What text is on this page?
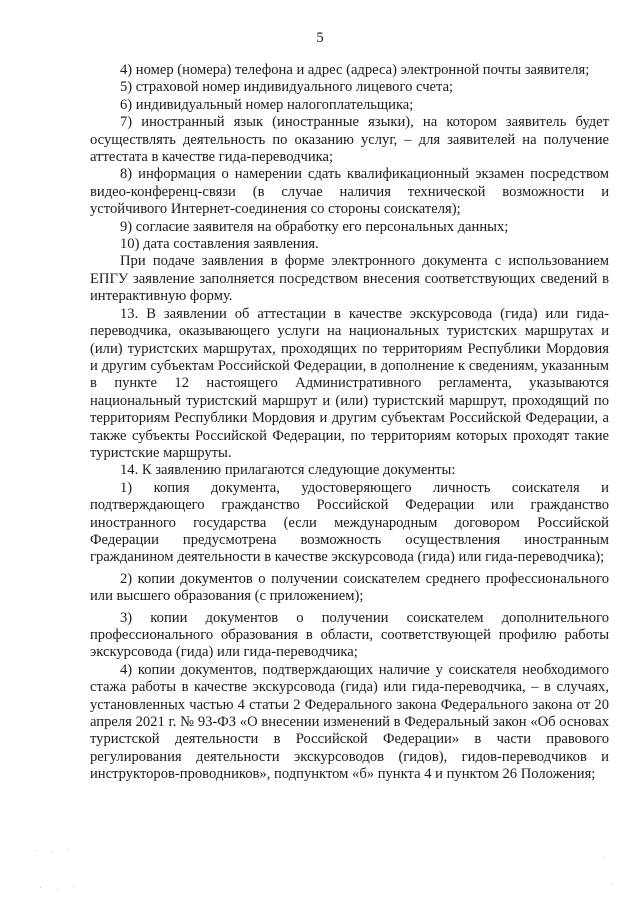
5

4) номер (номера) телефона и адрес (адреса) электронной почты заявителя;

5) страховой номер индивидуального лицевого счета;

6) индивидуальный номер налогоплательщика;

7) иностранный язык (иностранные языки), на котором заявитель будет осуществлять деятельность по оказанию услуг, – для заявителей на получение аттестата в качестве гида-переводчика;

8) информация о намерении сдать квалификационный экзамен посредством видео-конференц-связи (в случае наличия технической возможности и устойчивого Интернет-соединения со стороны соискателя);

9) согласие заявителя на обработку его персональных данных;

10) дата составления заявления.

При подаче заявления в форме электронного документа с использованием ЕПГУ заявление заполняется посредством внесения соответствующих сведений в интерактивную форму.

13. В заявлении об аттестации в качестве экскурсовода (гида) или гида-переводчика, оказывающего услуги на национальных туристских маршрутах и (или) туристских маршрутах, проходящих по территориям Республики Мордовия и другим субъектам Российской Федерации, в дополнение к сведениям, указанным в пункте 12 настоящего Административного регламента, указываются национальный туристский маршрут и (или) туристский маршрут, проходящий по территориям Республики Мордовия и другим субъектам Российской Федерации, а также субъекты Российской Федерации, по территориям которых проходят такие туристские маршруты.

14. К заявлению прилагаются следующие документы:

1) копия документа, удостоверяющего личность соискателя и подтверждающего гражданство Российской Федерации или гражданство иностранного государства (если международным договором Российской Федерации предусмотрена возможность осуществления иностранным гражданином деятельности в качестве экскурсовода (гида) или гида-переводчика);

2) копии документов о получении соискателем среднего профессионального или высшего образования (с приложением);

3) копии документов о получении соискателем дополнительного профессионального образования в области, соответствующей профилю работы экскурсовода (гида) или гида-переводчика;

4) копии документов, подтверждающих наличие у соискателя необходимого стажа работы в качестве экскурсовода (гида) или гида-переводчика, – в случаях, установленных частью 4 статьи 2 Федерального закона Федерального закона от 20 апреля 2021 г. № 93-ФЗ «О внесении изменений в Федеральный закон «Об основах туристской деятельности в Российской Федерации» в части правового регулирования деятельности экскурсоводов (гидов), гидов-переводчиков и инструкторов-проводников», подпунктом «б» пункта 4 и пунктом 26 Положения;
